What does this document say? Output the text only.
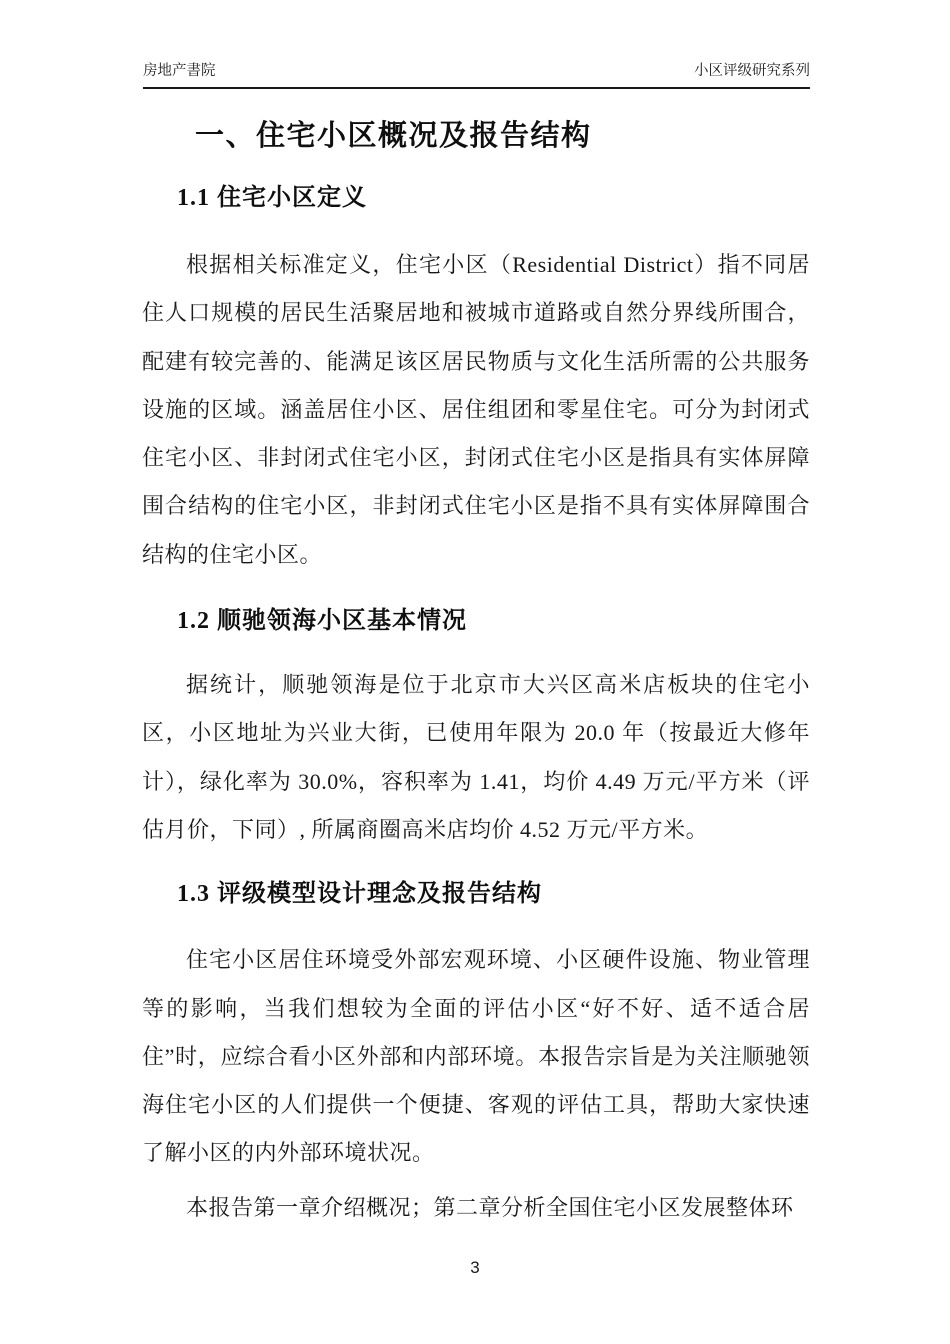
房地产書院	小区评级研究系列
一、住宅小区概况及报告结构
1.1 住宅小区定义

根据相关标准定义，住宅小区（Residential District）指不同居住人口规模的居民生活聚居地和被城市道路或自然分界线所围合，配建有较完善的、能满足该区居民物质与文化生活所需的公共服务设施的区域。涵盖居住小区、居住组团和零星住宅。可分为封闭式住宅小区、非封闭式住宅小区，封闭式住宅小区是指具有实体屏障围合结构的住宅小区，非封闭式住宅小区是指不具有实体屏障围合结构的住宅小区。

1.2 顺驰领海小区基本情况

据统计，顺驰领海是位于北京市大兴区高米店板块的住宅小区，小区地址为兴业大街，已使用年限为 20.0 年（按最近大修年计），绿化率为 30.0%，容积率为 1.41，均价 4.49 万元/平方米（评估月价，下同）, 所属商圈高米店均价 4.52 万元/平方米。

1.3 评级模型设计理念及报告结构

住宅小区居住环境受外部宏观环境、小区硬件设施、物业管理等的影响，当我们想较为全面的评估小区“好不好、适不适合居住”时，应综合看小区外部和内部环境。本报告宗旨是为关注顺驰领海住宅小区的人们提供一个便捷、客观的评估工具，帮助大家快速了解小区的内外部环境状况。

本报告第一章介绍概况；第二章分析全国住宅小区发展整体环

3
